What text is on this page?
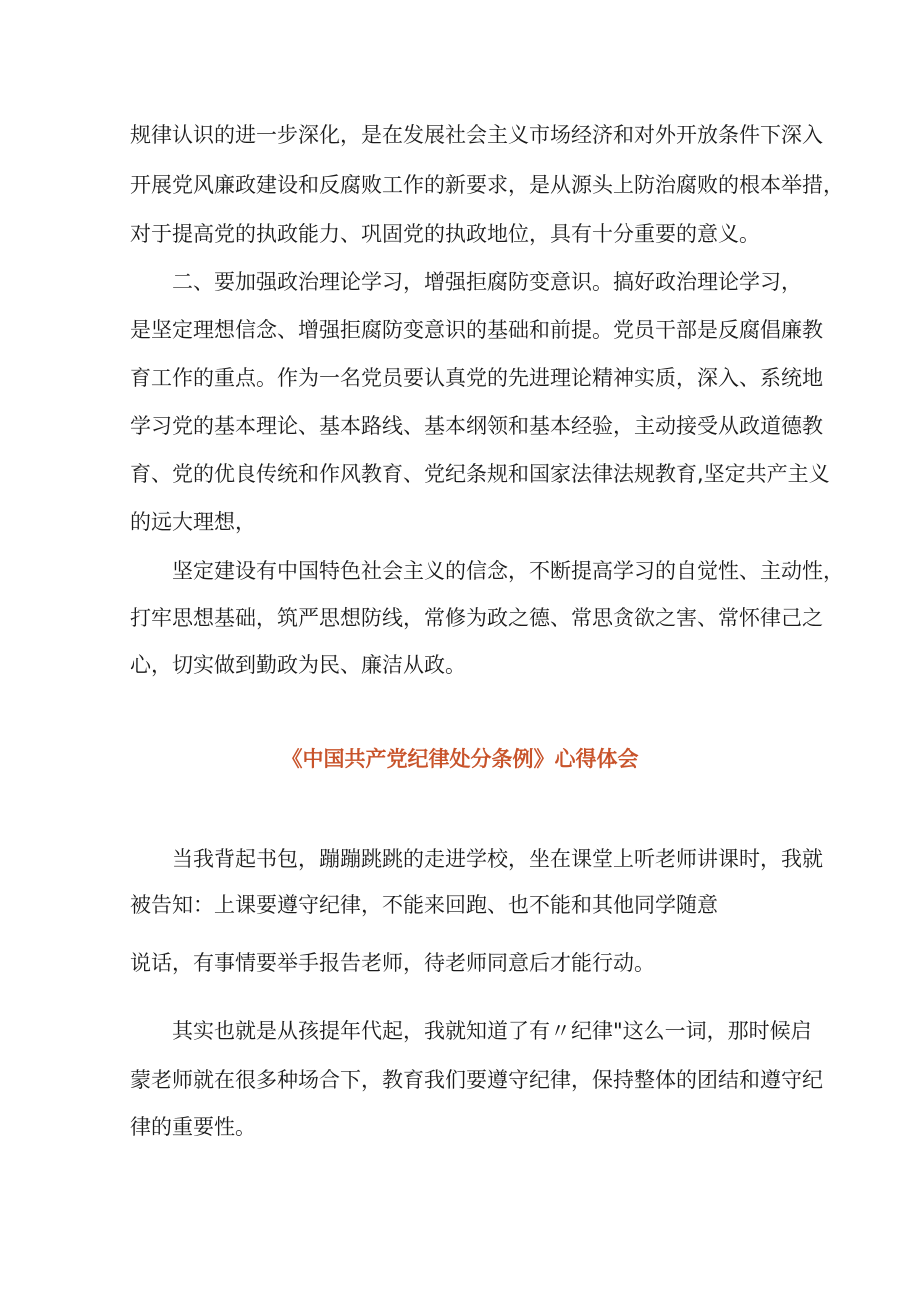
规律认识的进一步深化，是在发展社会主义市场经济和对外开放条件下深入
开展党风廉政建设和反腐败工作的新要求，是从源头上防治腐败的根本举措，
对于提高党的执政能力、巩固党的执政地位，具有十分重要的意义。
二、要加强政治理论学习，增强拒腐防变意识。搞好政治理论学习，
是坚定理想信念、增强拒腐防变意识的基础和前提。党员干部是反腐倡廉教
育工作的重点。作为一名党员要认真党的先进理论精神实质，深入、系统地
学习党的基本理论、基本路线、基本纲领和基本经验，主动接受从政道德教
育、党的优良传统和作风教育、党纪条规和国家法律法规教育,坚定共产主义
的远大理想，
坚定建设有中国特色社会主义的信念，不断提高学习的自觉性、主动性，
打牢思想基础，筑严思想防线，常修为政之德、常思贪欲之害、常怀律己之
心，切实做到勤政为民、廉洁从政。
《中国共产党纪律处分条例》心得体会
当我背起书包，蹦蹦跳跳的走进学校，坐在课堂上听老师讲课时，我就
被告知：上课要遵守纪律，不能来回跑、也不能和其他同学随意
说话，有事情要举手报告老师，待老师同意后才能行动。
其实也就是从孩提年代起，我就知道了有〃纪律"这么一词，那时候启
蒙老师就在很多种场合下，教育我们要遵守纪律，保持整体的团结和遵守纪
律的重要性。
